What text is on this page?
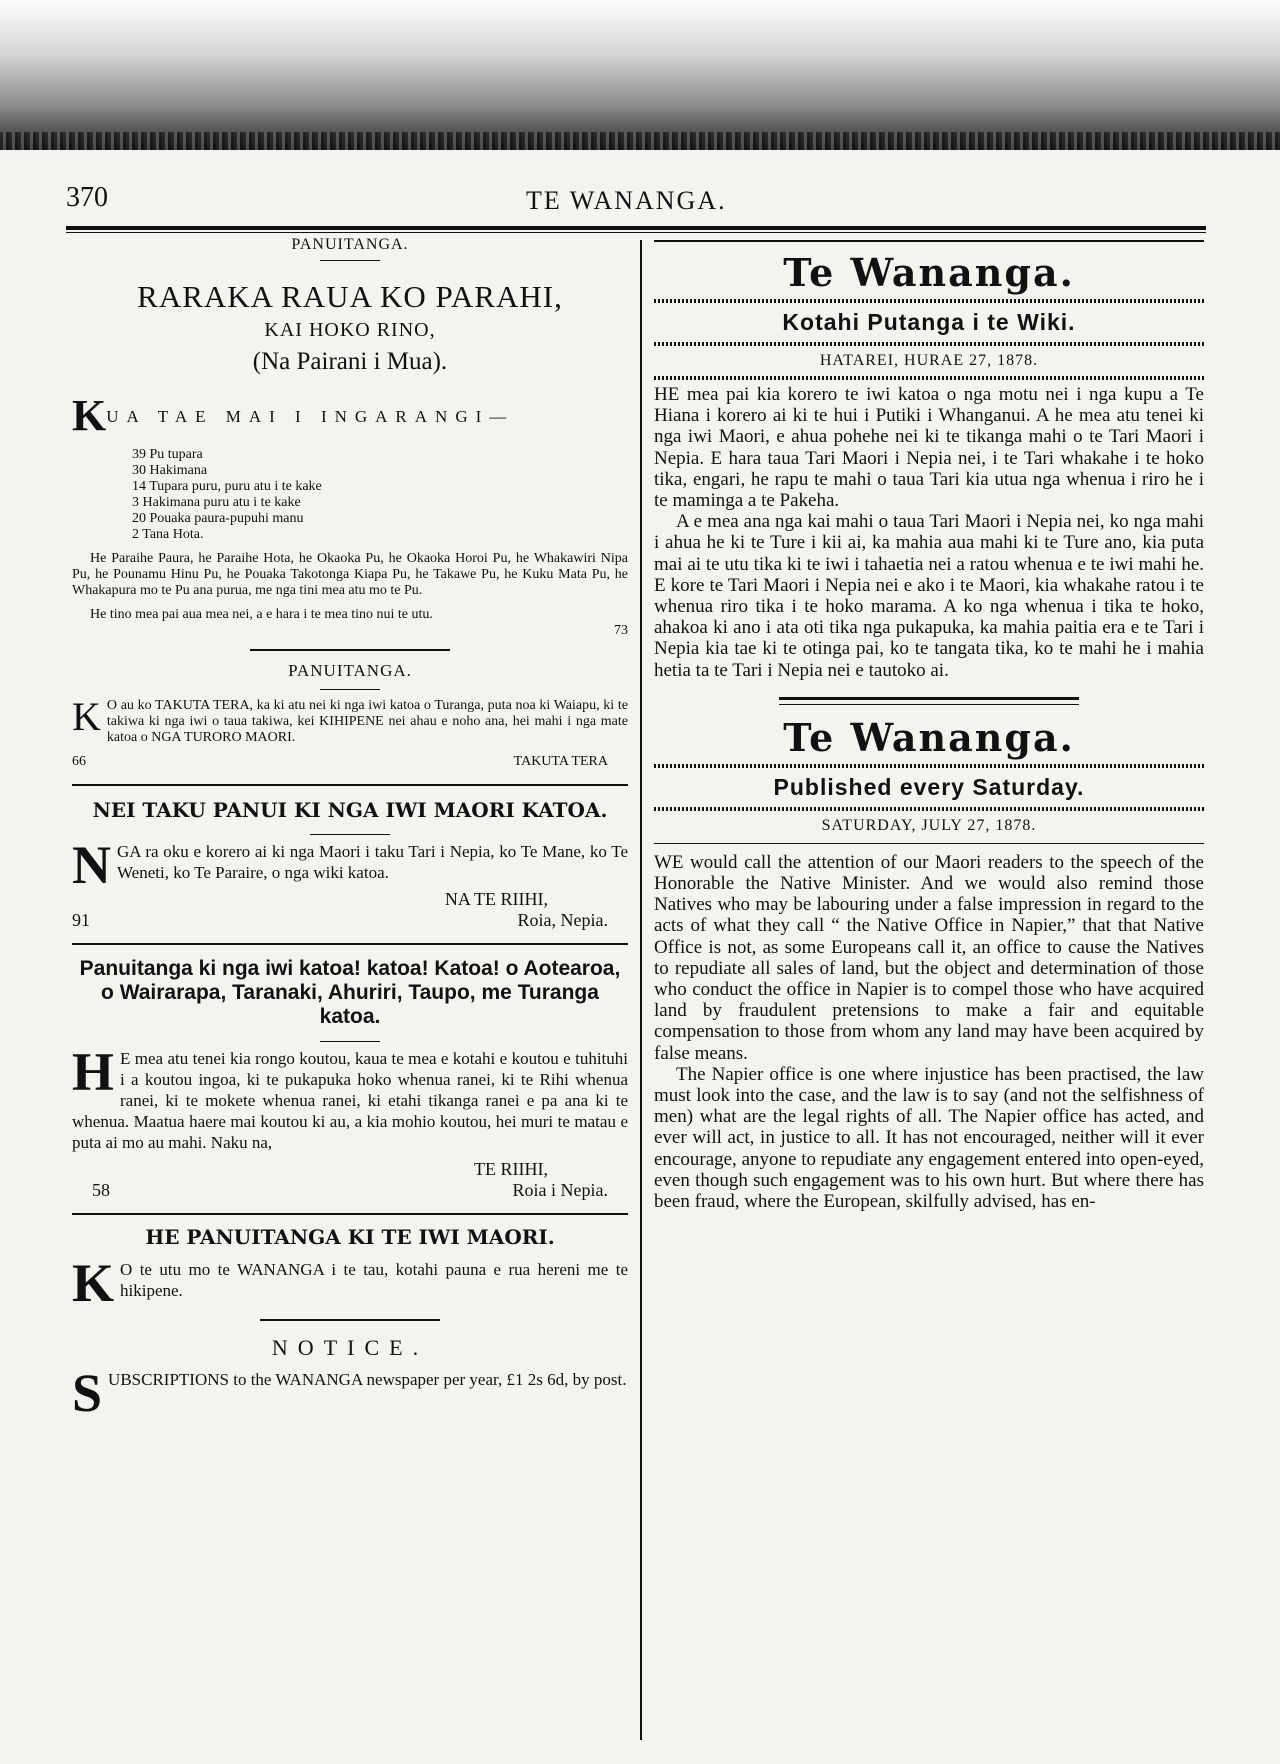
370	TE WANANGA.

PANUITANGA.

RARAKA RAUA KO PARAHI,

KAI HOKO RINO,

(Na Pairani i Mua).

KUA TAE MAI I INGARANGI—

39 Pu tupara
30 Hakimana
14 Tupara puru, puru atu i te kake
3 Hakimana puru atu i te kake
20 Pouaka paura-pupuhi manu
2 Tana Hota.

He Paraihe Paura, he Paraihe Hota, he Okaoka Pu, he Okaoka Horoi Pu, he Whakawiri Nipa Pu, he Pounamu Hinu Pu, he Pouaka Takotonga Kiapa Pu, he Takawe Pu, he Kuku Mata Pu, he Whakapura mo te Pu ana purua, me nga tini mea atu mo te Pu.

He tino mea pai aua mea nei, a e hara i te mea tino nui te utu.

73

PANUITANGA.

K O au ko TAKUTA TERA, ka ki atu nei ki nga iwi katoa o Turanga, puta noa ki Waiapu, ki te takiwa ki nga iwi o taua takiwa, kei KIHIPENE nei ahau e noho ana, hei mahi i nga mate katoa o NGA TURORO MAORI.

66	TAKUTA TERA

NEI TAKU PANUI KI NGA IWI MAORI KATOA.

NGA ra oku e korero ai ki nga Maori i taku Tari i Nepia, ko Te Mane, ko Te Weneti, ko Te Paraire, o nga wiki katoa.

NA TE RIIHI,

91	Roia, Nepia.

Panuitanga ki nga iwi katoa! katoa! Katoa! o Aotearoa, o Wairarapa, Taranaki, Ahuriri, Taupo, me Turanga katoa.

H E mea atu tenei kia rongo koutou, kaua te mea e kotahi e koutou e tuhituhi i a koutou ingoa, ki te pukapuka hoko whenua ranei, ki te Rihi whenua ranei, ki te mokete whenua ranei, ki etahi tikanga ranei e pa ana ki te whenua. Maatua haere mai koutou ki au, a kia mohio koutou, hei muri te matau e puta ai mo au mahi. Naku na,

TE RIIHI,

58	Roia i Nepia.

HE PANUITANGA KI TE IWI MAORI.

K O te utu mo te WANANGA i te tau, kotahi pauna e rua hereni me te hikipene.

NOTICE.

SUBSCRIPTIONS to the WANANGA newspaper per year, £1 2s 6d, by post.

Te Wananga.

Kotahi Putanga i te Wiki.

HATAREI, HURAE 27, 1878.

HE mea pai kia korero te iwi katoa o nga motu nei i nga kupu a Te Hiana i korero ai ki te hui i Putiki i Whanganui. A he mea atu tenei ki nga iwi Maori, e ahua pohehe nei ki te tikanga mahi o te Tari Maori i Nepia. E hara taua Tari Maori i Nepia nei, i te Tari whakahe i te hoko tika, engari, he rapu te mahi o taua Tari kia utua nga whenua i riro he i te maminga a te Pakeha.

A e mea ana nga kai mahi o taua Tari Maori i Nepia nei, ko nga mahi i ahua he ki te Ture i kii ai, ka mahia aua mahi ki te Ture ano, kia puta mai ai te utu tika ki te iwi i tahaetia nei a ratou whenua e te iwi mahi he. E kore te Tari Maori i Nepia nei e ako i te Maori, kia whakahe ratou i te whenua riro tika i te hoko marama. A ko nga whenua i tika te hoko, ahakoa ki ano i ata oti tika nga pukapuka, ka mahia paitia era e te Tari i Nepia kia tae ki te otinga pai, ko te tangata tika, ko te mahi he i mahia hetia ta te Tari i Nepia nei e tautoko ai.

Te Wananga.

Published every Saturday.

SATURDAY, JULY 27, 1878.

WE would call the attention of our Maori readers to the speech of the Honorable the Native Minister. And we would also remind those Natives who may be labouring under a false impression in regard to the acts of what they call “ the Native Office in Napier,” that that Native Office is not, as some Europeans call it, an office to cause the Natives to repudiate all sales of land, but the object and determination of those who conduct the office in Napier is to compel those who have acquired land by fraudulent pretensions to make a fair and equitable compensation to those from whom any land may have been acquired by false means.

The Napier office is one where injustice has been practised, the law must look into the case, and the law is to say (and not the selfishness of men) what are the legal rights of all. The Napier office has acted, and ever will act, in justice to all. It has not encouraged, neither will it ever encourage, anyone to repudiate any engagement entered into open-eyed, even though such engagement was to his own hurt. But where there has been fraud, where the European, skilfully advised, has en-
